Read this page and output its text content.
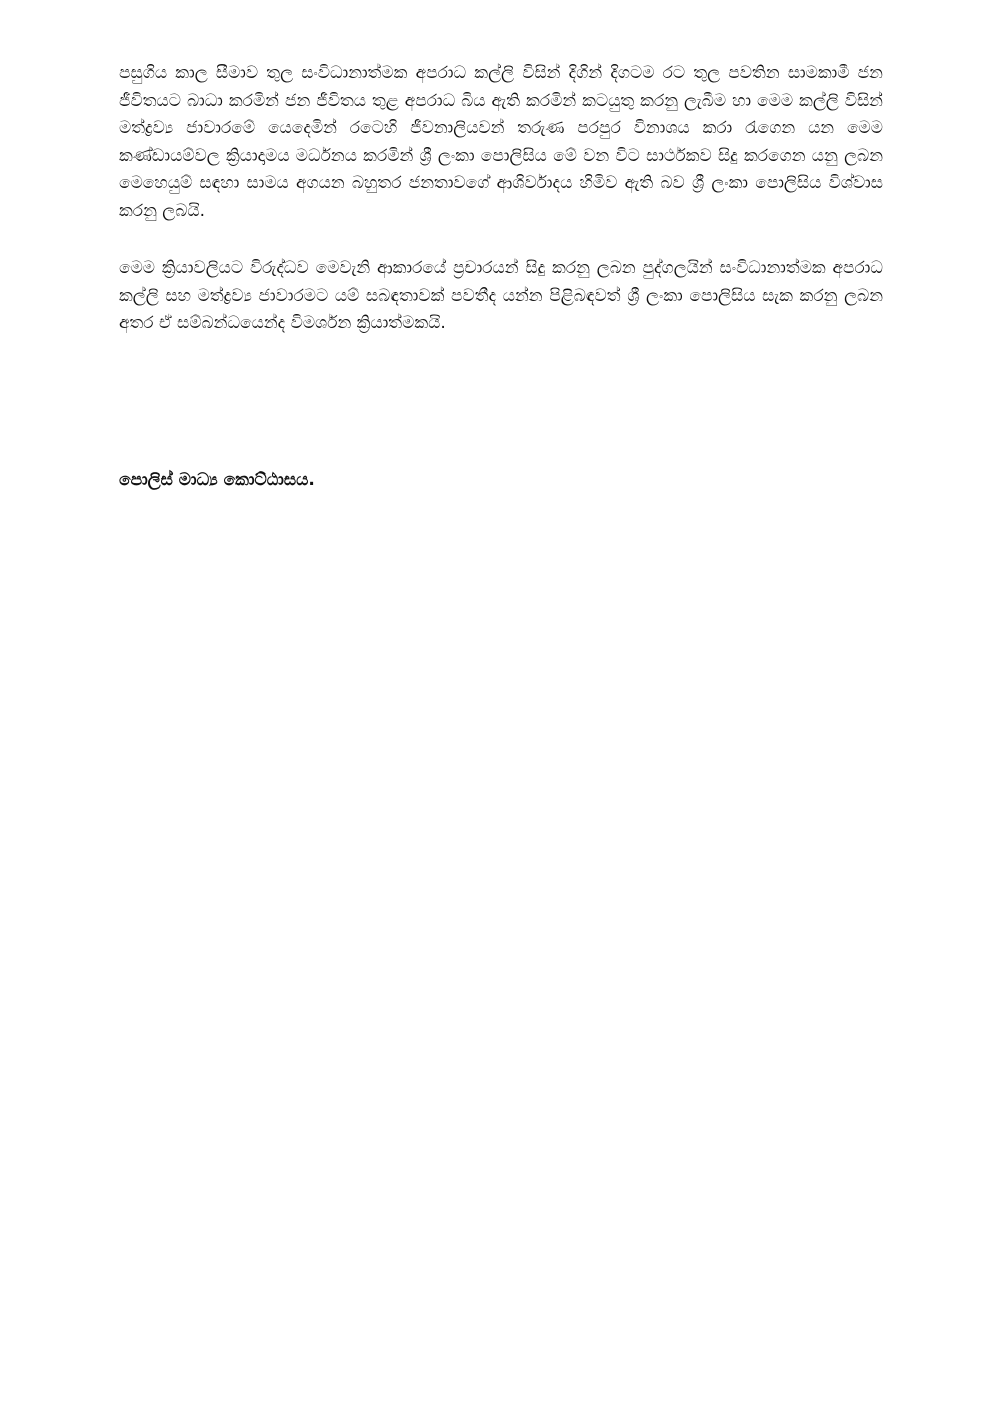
පසුගිය කාල සීමාව තුල සංවිධානාත්මක අපරාධ කල්ලි විසින් දිගින් දිගටම රට තුල පවතින සාමකාමී ජන ජීවිතයට බාධා කරමින් ජන ජීවිතය තුළ අපරාධ බිය ඇති කරමින් කටයුතු කරනු ලැබීම හා මෙම කල්ලි විසින් මත්ද්‍රව්‍ය ජාවාරමේ යෙදෙමින් රටෙහි ජීවනාලියවන් තරුණ පරපුර විනාශය කරා රැගෙන යන මෙම කණ්ඩායම්වල ක්‍රියාදාමය මර්ධනය කරමින් ශ්‍රී ලංකා පොලිසිය මේ වන විට සාර්ථකව සිදු කරගෙන යනු ලබන මෙහෙයුම් සඳහා සාමය අගයන බහුතර ජනතාවගේ ආශිර්වාදය හිමිව ඇති බව ශ්‍රී ලංකා පොලිසිය විශ්වාස කරනු ලබයි.

මෙම ක්‍රියාවලියට විරුද්ධව මෙවැනි ආකාරයේ ප්‍රචාරයන් සිදු කරනු ලබන පුද්ගලයින් සංවිධානාත්මක අපරාධ කල්ලි සහ මත්ද්‍රව්‍ය ජාවාරමට යම් සබඳතාවක් පවතීද යන්න පිළිබඳවත් ශ්‍රී ලංකා පොලිසිය සැක කරනු ලබන අතර ඒ සම්බන්ධයෙන්ද විමර්ශන ක්‍රියාත්මකයි.

පොලිස් මාධ්‍ය කොට්ඨාසය.
